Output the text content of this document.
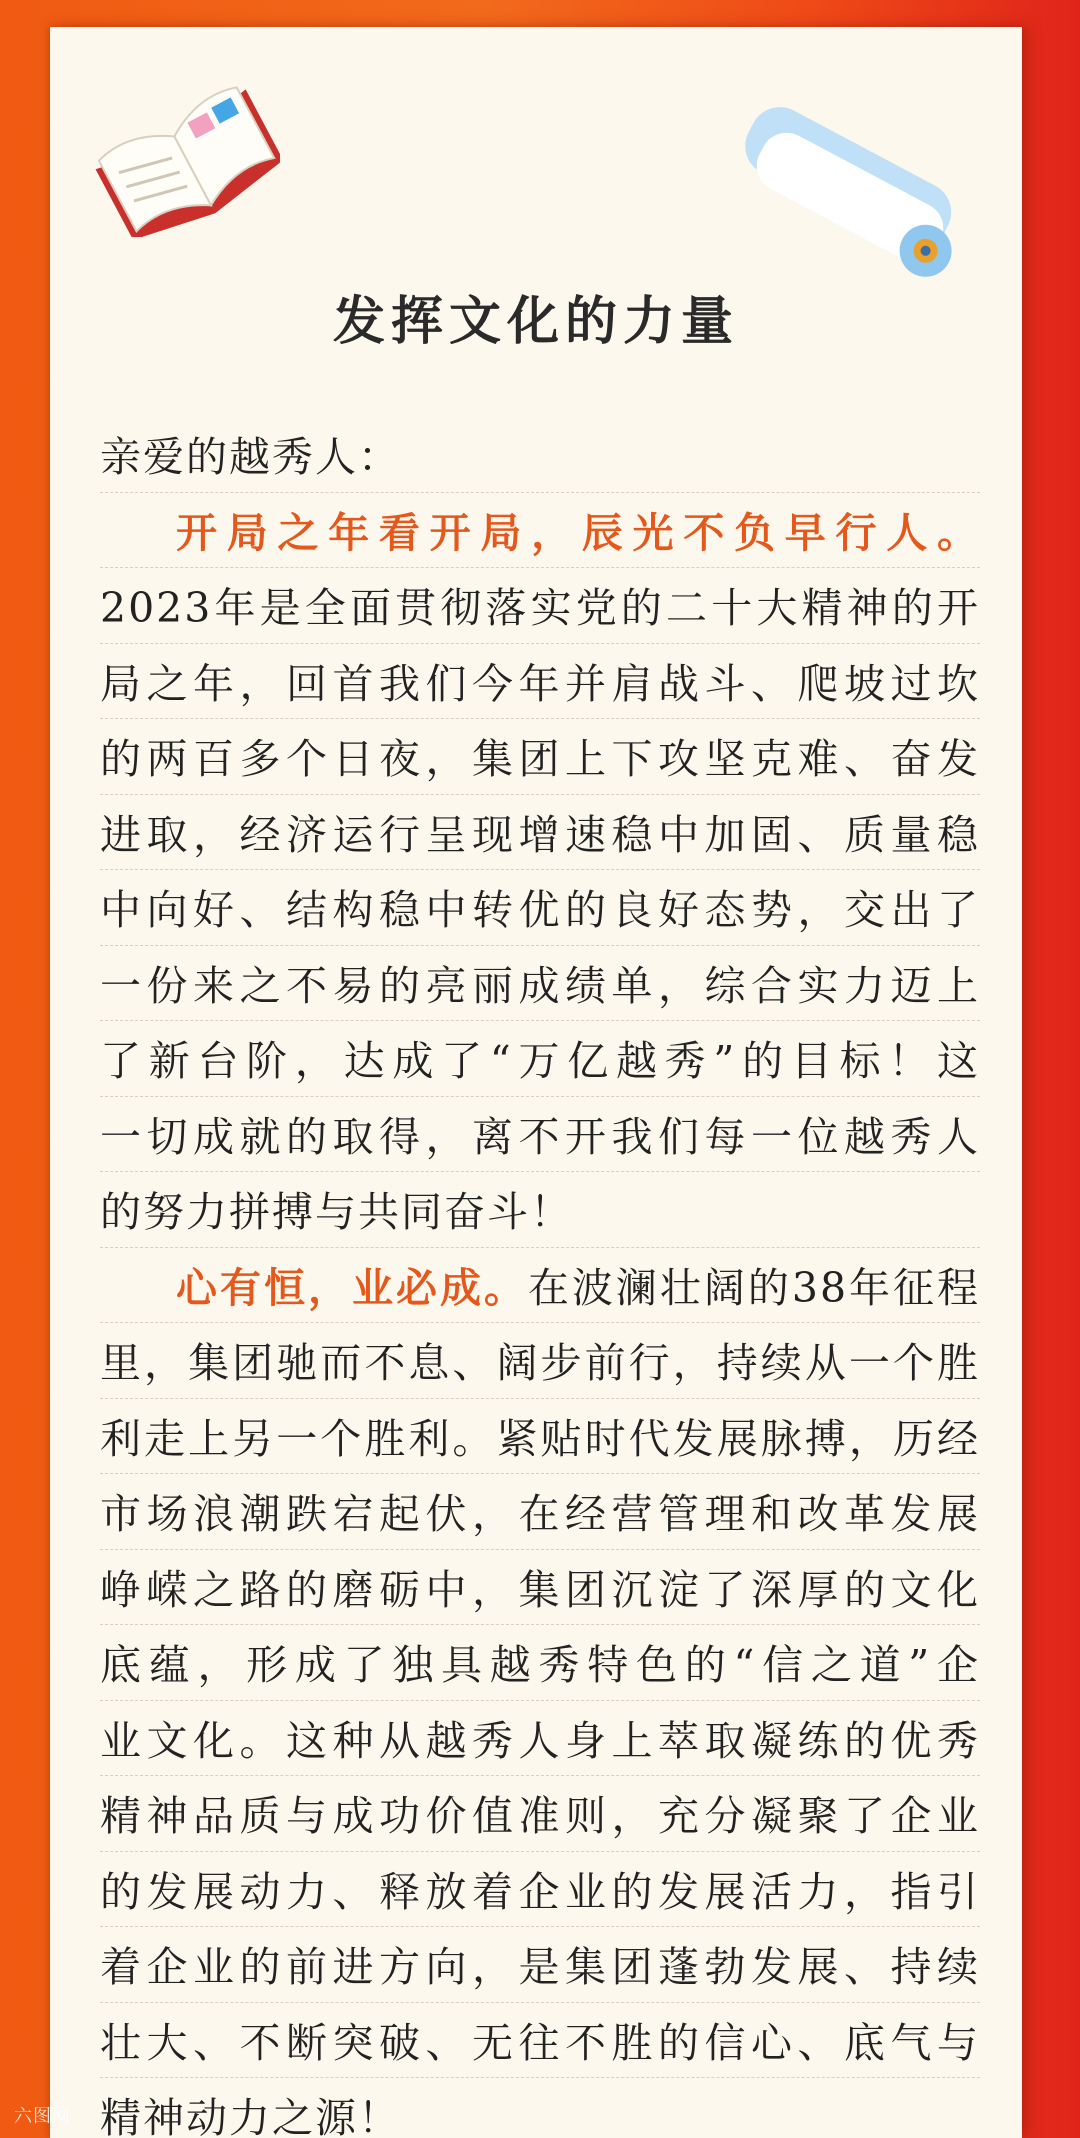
发挥文化的力量
亲爱的越秀人：
开局之年看开局，辰光不负早行人。
2023年是全面贯彻落实党的二十大精神的开
局之年，回首我们今年并肩战斗、爬坡过坎
的两百多个日夜，集团上下攻坚克难、奋发
进取，经济运行呈现增速稳中加固、质量稳
中向好、结构稳中转优的良好态势，交出了
一份来之不易的亮丽成绩单，综合实力迈上
了新台阶，达成了“万亿越秀”的目标！这
一切成就的取得，离不开我们每一位越秀人
的努力拼搏与共同奋斗！
心有恒，业必成。在波澜壮阔的38年征程
里，集团驰而不息、阔步前行，持续从一个胜
利走上另一个胜利。紧贴时代发展脉搏，历经
市场浪潮跌宕起伏，在经营管理和改革发展
峥嵘之路的磨砺中，集团沉淀了深厚的文化
底蕴，形成了独具越秀特色的“信之道”企
业文化。这种从越秀人身上萃取凝练的优秀
精神品质与成功价值准则，充分凝聚了企业
的发展动力、释放着企业的发展活力，指引
着企业的前进方向，是集团蓬勃发展、持续
壮大、不断突破、无往不胜的信心、底气与
精神动力之源！
六图网
